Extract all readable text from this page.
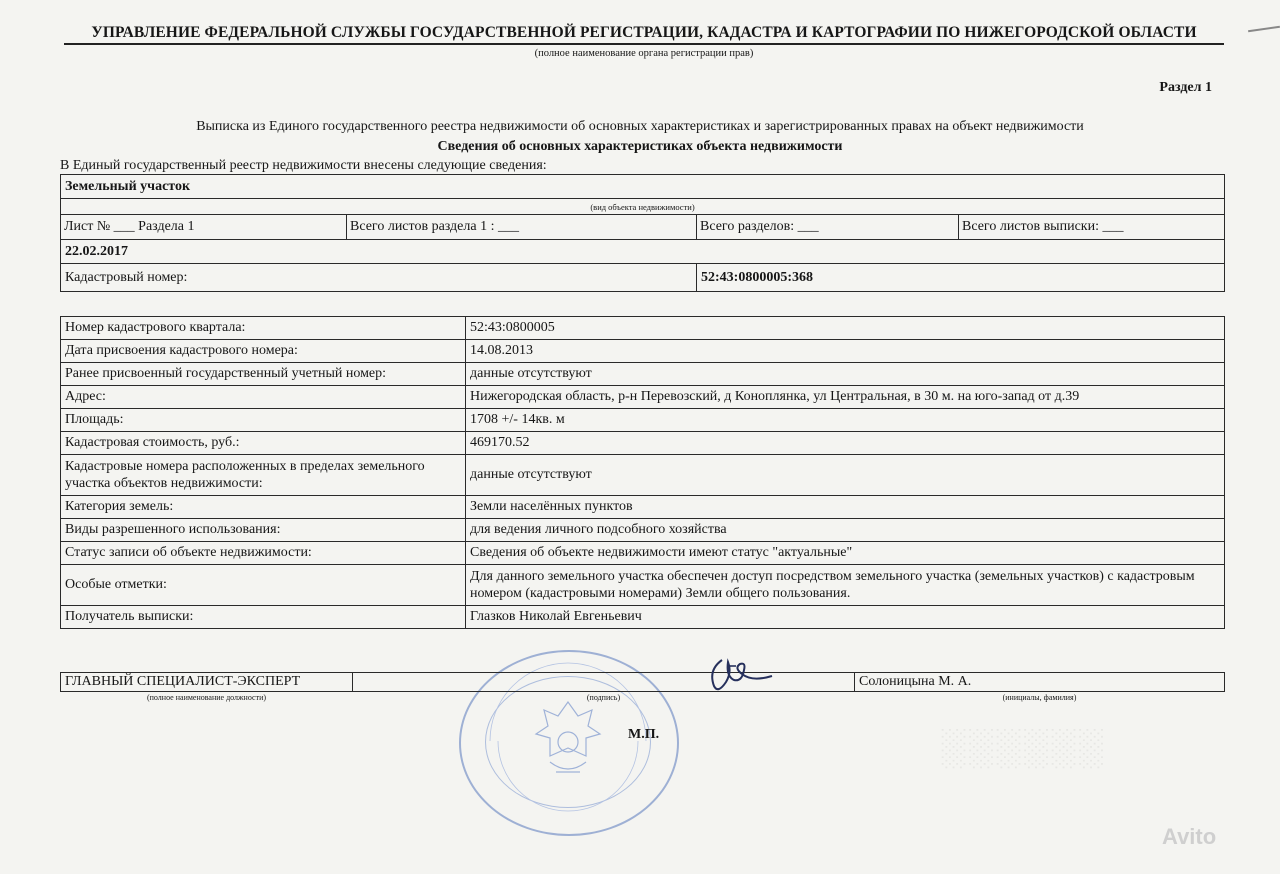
УПРАВЛЕНИЕ ФЕДЕРАЛЬНОЙ СЛУЖБЫ ГОСУДАРСТВЕННОЙ РЕГИСТРАЦИИ, КАДАСТРА И КАРТОГРАФИИ ПО НИЖЕГОРОДСКОЙ ОБЛАСТИ
(полное наименование органа регистрации прав)
Раздел 1
Выписка из Единого государственного реестра недвижимости об основных характеристиках и зарегистрированных правах на объект недвижимости
Сведения об основных характеристиках объекта недвижимости
В Единый государственный реестр недвижимости внесены следующие сведения:
Земельный участок			
(вид объекта недвижимости)			
Лист № ___ Раздела 1	Всего листов раздела 1 : ___	Всего разделов: ___	Всего листов выписки: ___
22.02.2017			
Кадастровый номер:		52:43:0800005:368	
Номер кадастрового квартала:	52:43:0800005
Дата присвоения кадастрового номера:	14.08.2013
Ранее присвоенный государственный учетный номер:	данные отсутствуют
Адрес:	Нижегородская область, р-н Перевозский, д Коноплянка, ул Центральная, в 30 м. на юго-запад от д.39
Площадь:	1708 +/- 14кв. м
Кадастровая стоимость, руб.:	469170.52
Кадастровые номера расположенных в пределах земельного участка объектов недвижимости:	данные отсутствуют
Категория земель:	Земли населённых пунктов
Виды разрешенного использования:	для ведения личного подсобного хозяйства
Статус записи об объекте недвижимости:	Сведения об объекте недвижимости имеют статус "актуальные"
Особые отметки:	Для данного земельного участка обеспечен доступ посредством земельного участка (земельных участков) с кадастровым номером (кадастровыми номерами) Земли общего пользования.
Получатель выписки:	Глазков Николай Евгеньевич
М.П.
ГЛАВНЫЙ СПЕЦИАЛИСТ-ЭКСПЕРТ		Солоницына М. А.
(полное наименование должности)	(подпись)	(инициалы, фамилия)
░░░░░░
Avito
